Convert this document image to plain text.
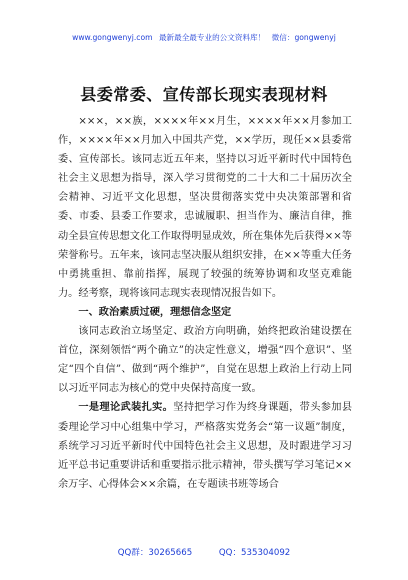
www.gongwenyj.com 最新最全最专业的公文资料库！ 微信：gongwenyj
县委常委、宣传部长现实表现材料

×××，××族，××××年××月生，××××年××月参加工作，××××年××月加入中国共产党，××学历，现任××县委常委、宣传部长。该同志近五年来，坚持以习近平新时代中国特色社会主义思想为指导，深入学习贯彻党的二十大和二十届历次全会精神、习近平文化思想，坚决贯彻落实党中央决策部署和省委、市委、县委工作要求，忠诚履职、担当作为、廉洁自律，推动全县宣传思想文化工作取得明显成效，所在集体先后获得××等荣誉称号。五年来，该同志坚决服从组织安排，在××等重大任务中勇挑重担、靠前指挥，展现了较强的统筹协调和攻坚克难能力。经考察，现将该同志现实表现情况报告如下。

一、政治素质过硬，理想信念坚定

该同志政治立场坚定、政治方向明确，始终把政治建设摆在首位，深刻领悟“两个确立”的决定性意义，增强“四个意识”、坚定“四个自信”、做到“两个维护”，自觉在思想上政治上行动上同以习近平同志为核心的党中央保持高度一致。

一是理论武装扎实。坚持把学习作为终身课题，带头参加县委理论学习中心组集中学习，严格落实党务会“第一议题”制度，系统学习习近平新时代中国特色社会主义思想，及时跟进学习习近平总书记重要讲话和重要指示批示精神，带头撰写学习笔记××余万字、心得体会××余篇，在专题读书班等场合

QQ群：30265665	QQ：535304092
